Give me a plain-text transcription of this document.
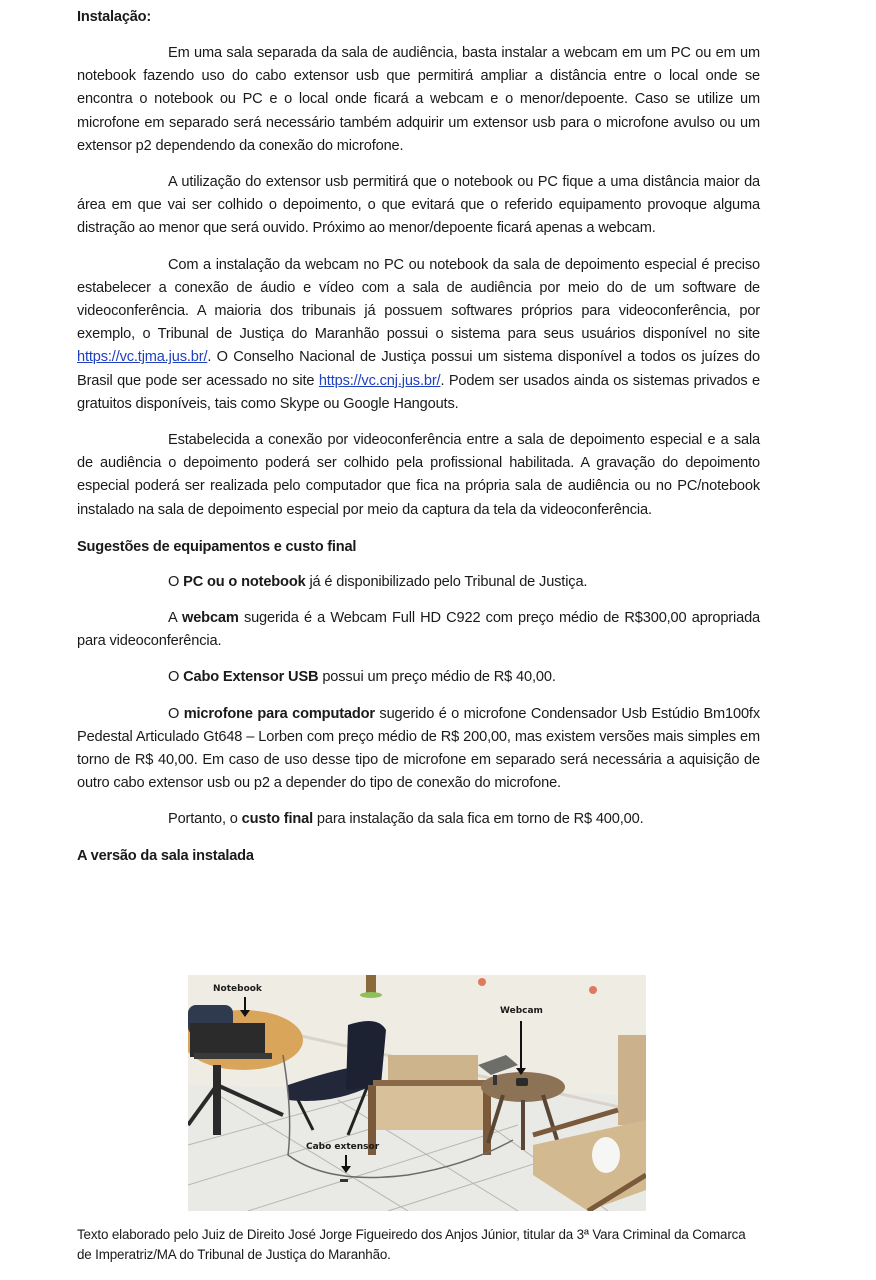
Instalação:

Em uma sala separada da sala de audiência, basta instalar a webcam em um PC ou em um notebook fazendo uso do cabo extensor usb que permitirá ampliar a distância entre o local onde se encontra o notebook ou PC e o local onde ficará a webcam e o menor/depoente. Caso se utilize um microfone em separado será necessário também adquirir um extensor usb para o microfone avulso ou um extensor p2 dependendo da conexão do microfone.

A utilização do extensor usb permitirá que o notebook ou PC fique a uma distância maior da área em que vai ser colhido o depoimento, o que evitará que o referido equipamento provoque alguma distração ao menor que será ouvido. Próximo ao menor/depoente ficará apenas a webcam.

Com a instalação da webcam no PC ou notebook da sala de depoimento especial é preciso estabelecer a conexão de áudio e vídeo com a sala de audiência por meio do de um software de videoconferência. A maioria dos tribunais já possuem softwares próprios para videoconferência, por exemplo, o Tribunal de Justiça do Maranhão possui o sistema para seus usuários disponível no site https://vc.tjma.jus.br/. O Conselho Nacional de Justiça possui um sistema disponível a todos os juízes do Brasil que pode ser acessado no site https://vc.cnj.jus.br/. Podem ser usados ainda os sistemas privados e gratuitos disponíveis, tais como Skype ou Google Hangouts.

Estabelecida a conexão por videoconferência entre a sala de depoimento especial e a sala de audiência o depoimento poderá ser colhido pela profissional habilitada. A gravação do depoimento especial poderá ser realizada pelo computador que fica na própria sala de audiência ou no PC/notebook instalado na sala de depoimento especial por meio da captura da tela da videoconferência.

Sugestões de equipamentos e custo final

O PC ou o notebook já é disponibilizado pelo Tribunal de Justiça.

A webcam sugerida é a Webcam Full HD C922 com preço médio de R$300,00 apropriada para videoconferência.

O Cabo Extensor USB possui um preço médio de R$ 40,00.

O microfone para computador sugerido é o microfone Condensador Usb Estúdio Bm100fx Pedestal Articulado Gt648 – Lorben com preço médio de R$ 200,00, mas existem versões mais simples em torno de R$ 40,00. Em caso de uso desse tipo de microfone em separado será necessária a aquisição de outro cabo extensor usb ou p2 a depender do tipo de conexão do microfone.

Portanto, o custo final para instalação da sala fica em torno de R$ 400,00.

A versão da sala instalada

Notebook
Webcam
Cabo extensor

Texto elaborado pelo Juiz de Direito José Jorge Figueiredo dos Anjos Júnior, titular da 3ª Vara Criminal da Comarca de Imperatriz/MA do Tribunal de Justiça do Maranhão.
